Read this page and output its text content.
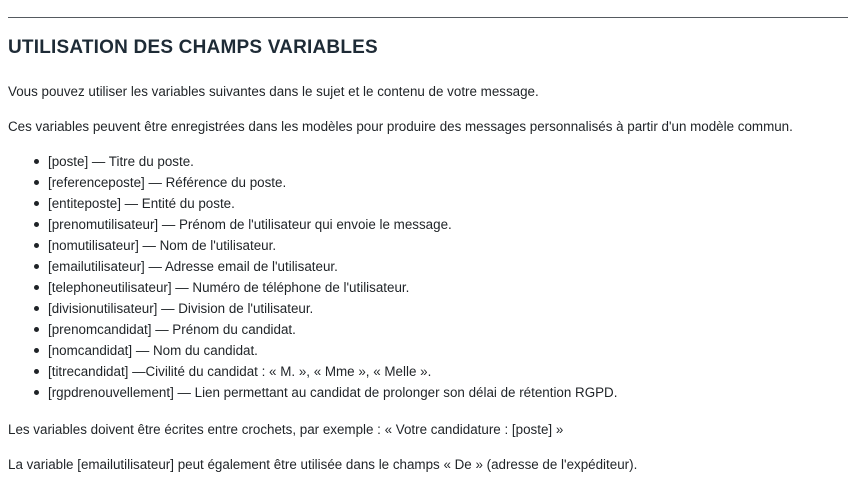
UTILISATION DES CHAMPS VARIABLES

Vous pouvez utiliser les variables suivantes dans le sujet et le contenu de votre message.

Ces variables peuvent être enregistrées dans les modèles pour produire des messages personnalisés à partir d'un modèle commun.

[poste] — Titre du poste.
[referenceposte] — Référence du poste.
[entiteposte] — Entité du poste.
[prenomutilisateur] — Prénom de l'utilisateur qui envoie le message.
[nomutilisateur] — Nom de l'utilisateur.
[emailutilisateur] — Adresse email de l'utilisateur.
[telephoneutilisateur] — Numéro de téléphone de l'utilisateur.
[divisionutilisateur] — Division de l'utilisateur.
[prenomcandidat] — Prénom du candidat.
[nomcandidat] — Nom du candidat.
[titrecandidat] —Civilité du candidat : « M. », « Mme », « Melle ».
[rgpdrenouvellement] — Lien permettant au candidat de prolonger son délai de rétention RGPD.

Les variables doivent être écrites entre crochets, par exemple : « Votre candidature : [poste] »

La variable [emailutilisateur] peut également être utilisée dans le champs « De » (adresse de l'expéditeur).
